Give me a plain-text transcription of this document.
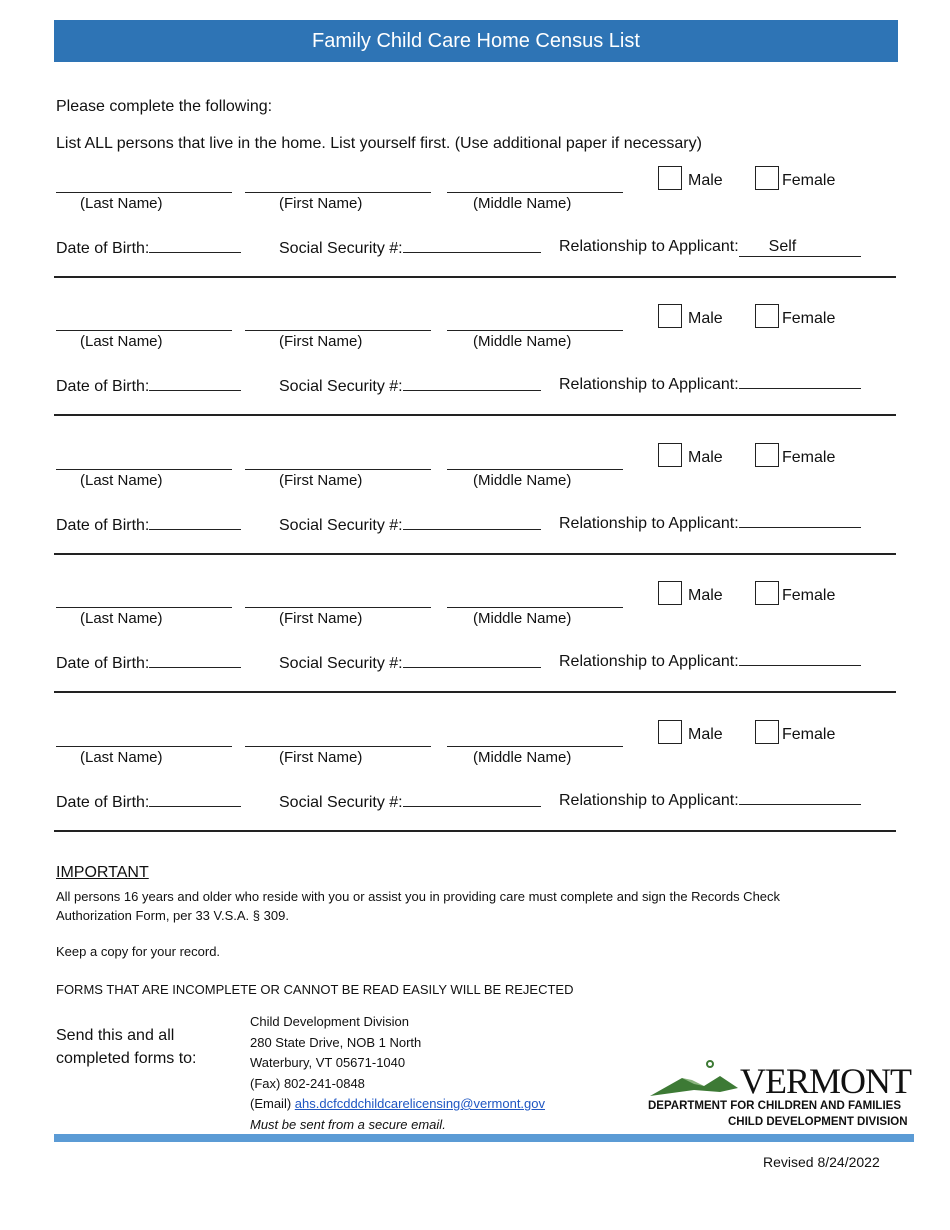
Family Child Care Home Census List
Please complete the following:
List ALL persons that live in the home. List yourself first. (Use additional paper if necessary)
Male	Female
(Last Name)	(First Name)	(Middle Name)
Date of Birth:	Social Security #:	Relationship to Applicant: Self
Male	Female
(Last Name)	(First Name)	(Middle Name)
Date of Birth:	Social Security #:	Relationship to Applicant:
Male	Female
(Last Name)	(First Name)	(Middle Name)
Date of Birth:	Social Security #:	Relationship to Applicant:
Male	Female
(Last Name)	(First Name)	(Middle Name)
Date of Birth:	Social Security #:	Relationship to Applicant:
Male	Female
(Last Name)	(First Name)	(Middle Name)
Date of Birth:	Social Security #:	Relationship to Applicant:
IMPORTANT
All persons 16 years and older who reside with you or assist you in providing care must complete and sign the Records Check Authorization Form, per 33 V.S.A. § 309.
Keep a copy for your record.
FORMS THAT ARE INCOMPLETE OR CANNOT BE READ EASILY WILL BE REJECTED
Send this and all
completed forms to:
Child Development Division
280 State Drive, NOB 1 North
Waterbury, VT 05671-1040
(Fax) 802-241-0848
(Email) ahs.dcfcddchildcarelicensing@vermont.gov
Must be sent from a secure email.
VERMONT
DEPARTMENT FOR CHILDREN AND FAMILIES
CHILD DEVELOPMENT DIVISION
Revised 8/24/2022
